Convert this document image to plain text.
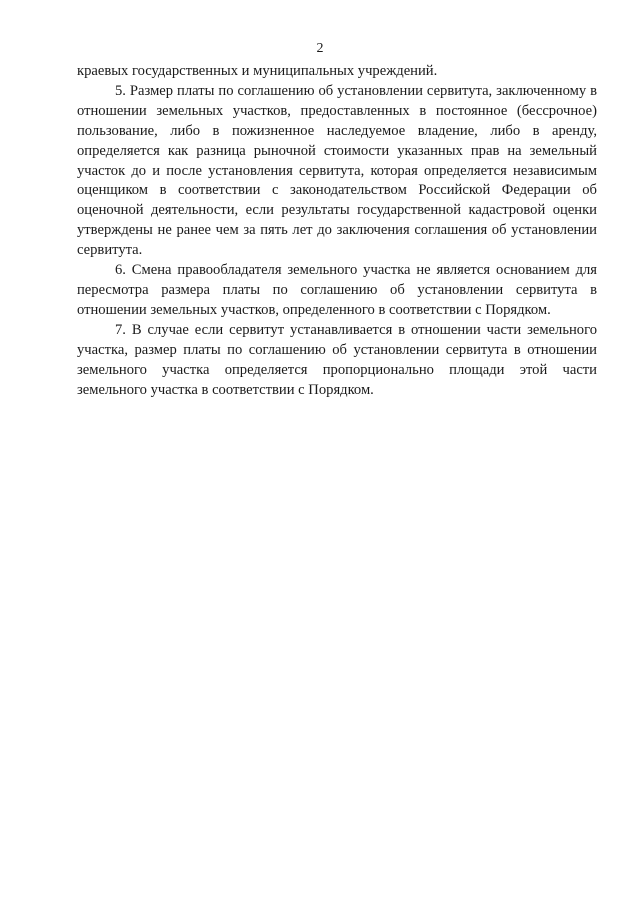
2

краевых государственных и муниципальных учреждений.

5. Размер платы по соглашению об установлении сервитута, заключенному в отношении земельных участков, предоставленных в постоянное (бессрочное) пользование, либо в пожизненное наследуемое владение, либо в аренду, определяется как разница рыночной стоимости указанных прав на земельный участок до и после установления сервитута, которая определяется независимым оценщиком в соответствии с законодательством Российской Федерации об оценочной деятельности, если результаты государственной кадастровой оценки утверждены не ранее чем за пять лет до заключения соглашения об установлении сервитута.

6. Смена правообладателя земельного участка не является основанием для пересмотра размера платы по соглашению об установлении сервитута в отношении земельных участков, определенного в соответствии с Порядком.

7. В случае если сервитут устанавливается в отношении части земельного участка, размер платы по соглашению об установлении сервитута в отношении земельного участка определяется пропорционально площади этой части земельного участка в соответствии с Порядком.
